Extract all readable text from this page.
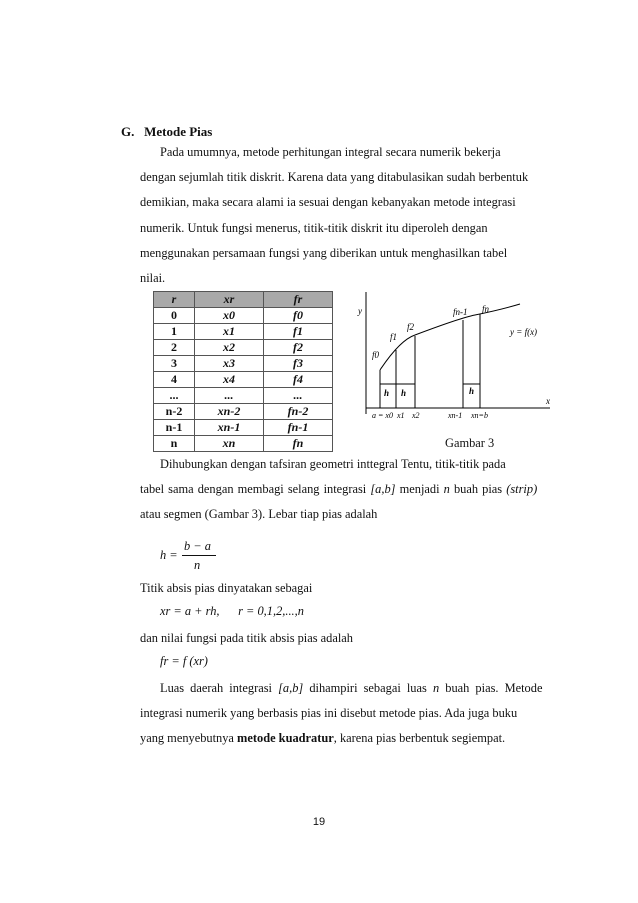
G. Metode Pias
Pada umumnya, metode perhitungan integral secara numerik bekerja
dengan sejumlah titik diskrit. Karena data yang ditabulasikan sudah berbentuk
demikian, maka secara alami ia sesuai dengan kebanyakan metode integrasi
numerik. Untuk fungsi menerus, titik-titik diskrit itu diperoleh dengan
menggunakan persamaan fungsi yang diberikan untuk menghasilkan tabel
nilai.
r	xr	fr
0	x0	f0
1	x1	f1
2	x2	f2
3	x3	f3
4	x4	f4
...	...	...
n-2	xn-2	fn-2
n-1	xn-1	fn-1
n	xn	fn
y
x
y = f(x)
f0
f1
f2
fn-1 fn
h h	h
a = x0 x1 x2	xn-1 xn=b
Gambar 3
Dihubungkan dengan tafsiran geometri inttegral Tentu, titik-titik pada
tabel sama dengan membagi selang integrasi [a,b] menjadi n buah pias (strip)
atau segmen (Gambar 3). Lebar tiap pias adalah
h =
b − a
n
Titik absis pias dinyatakan sebagai
xr = a + rh,      r = 0,1,2,...,n
dan nilai fungsi pada titik absis pias adalah
fr = f (xr)
Luas daerah integrasi [a,b] dihampiri sebagai luas n buah pias. Metode
integrasi numerik yang berbasis pias ini disebut metode pias. Ada juga buku
yang menyebutnya metode kuadratur, karena pias berbentuk segiempat.
19
